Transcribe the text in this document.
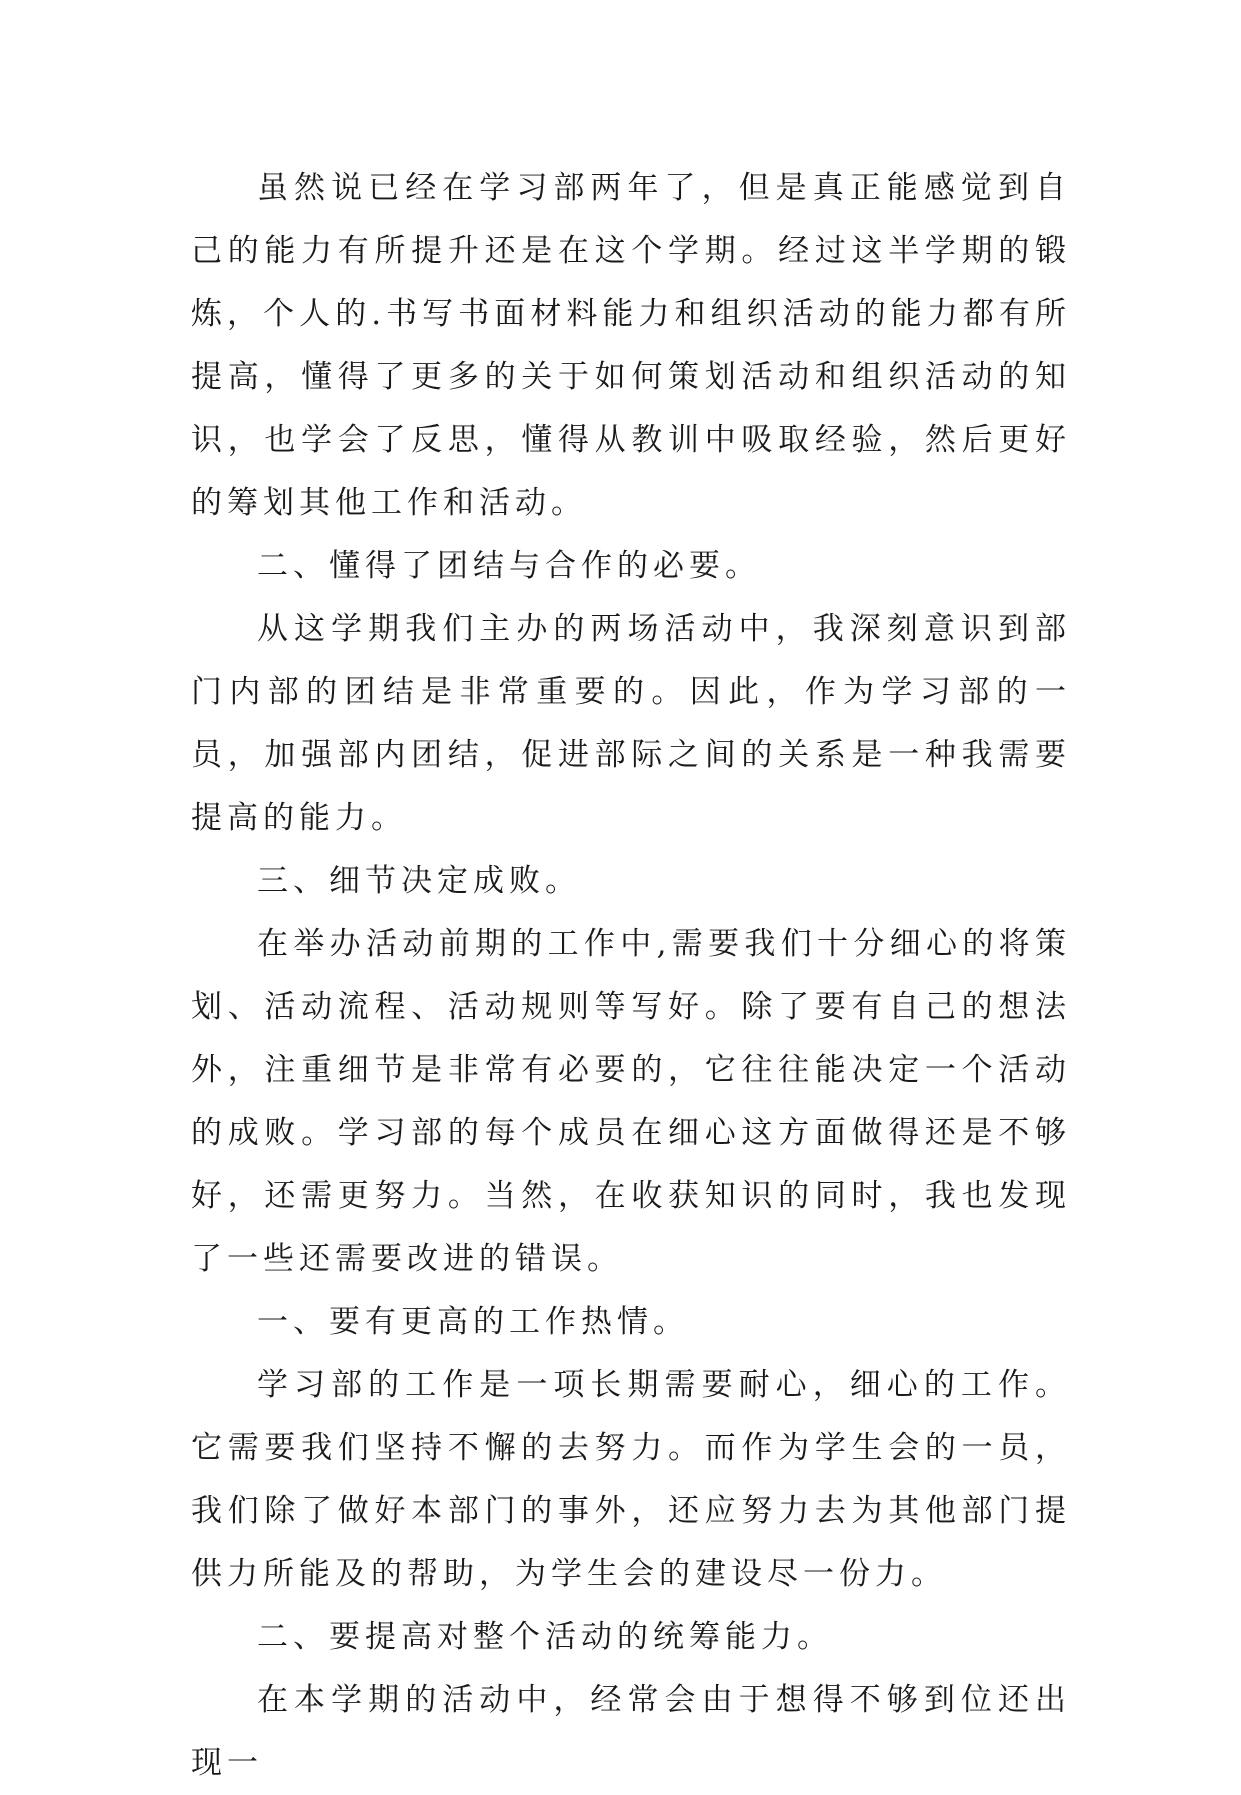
虽然说已经在学习部两年了，但是真正能感觉到自己的能力有所提升还是在这个学期。经过这半学期的锻炼，个人的.书写书面材料能力和组织活动的能力都有所提高，懂得了更多的关于如何策划活动和组织活动的知识，也学会了反思，懂得从教训中吸取经验，然后更好的筹划其他工作和活动。

二、懂得了团结与合作的必要。

从这学期我们主办的两场活动中，我深刻意识到部门内部的团结是非常重要的。因此，作为学习部的一员，加强部内团结，促进部际之间的关系是一种我需要提高的能力。

三、细节决定成败。

在举办活动前期的工作中,需要我们十分细心的将策划、活动流程、活动规则等写好。除了要有自己的想法外，注重细节是非常有必要的，它往往能决定一个活动的成败。学习部的每个成员在细心这方面做得还是不够好，还需更努力。当然，在收获知识的同时，我也发现了一些还需要改进的错误。

一、要有更高的工作热情。

学习部的工作是一项长期需要耐心，细心的工作。它需要我们坚持不懈的去努力。而作为学生会的一员，我们除了做好本部门的事外，还应努力去为其他部门提供力所能及的帮助，为学生会的建设尽一份力。

二、要提高对整个活动的统筹能力。

在本学期的活动中，经常会由于想得不够到位还出现一
